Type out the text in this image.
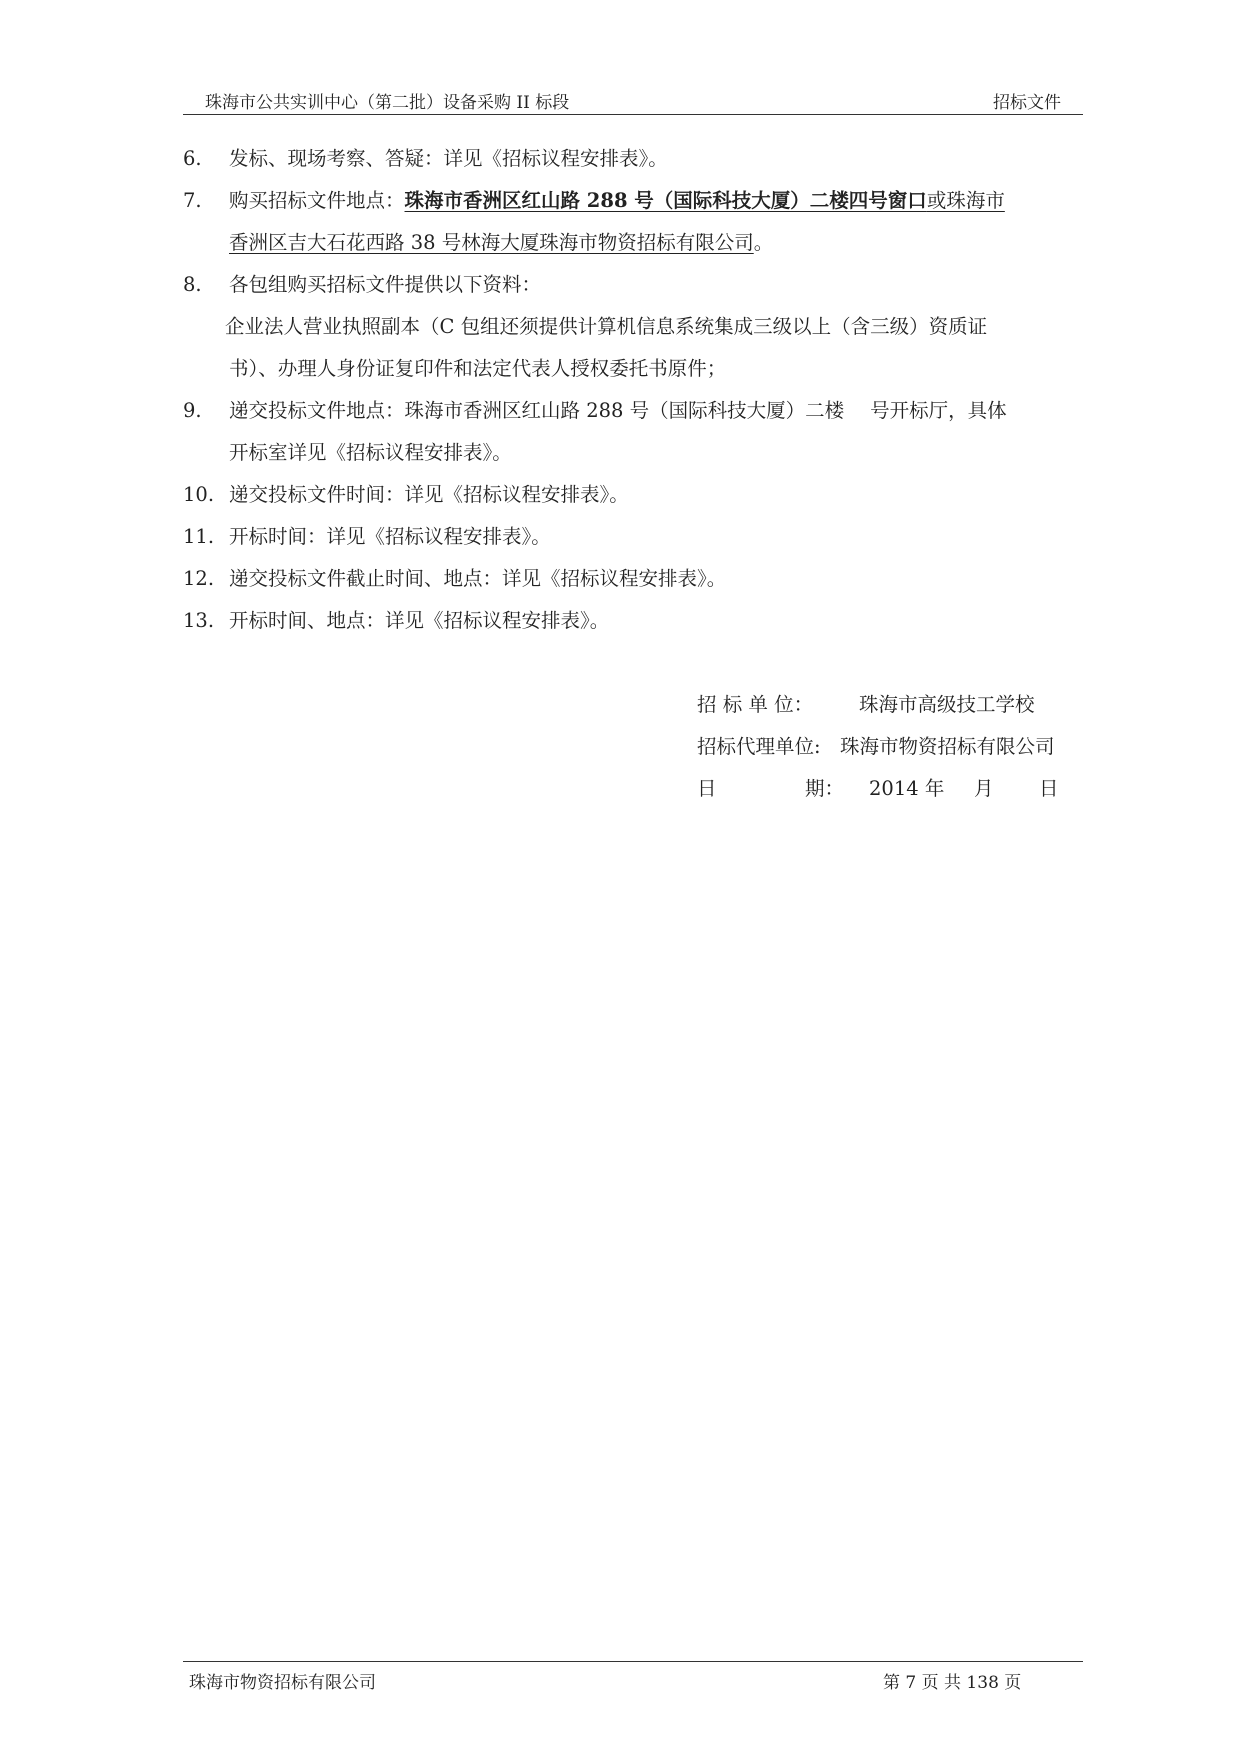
珠海市公共实训中心（第二批）设备采购 II 标段	招标文件
6. 发标、现场考察、答疑：详见《招标议程安排表》。
7. 购买招标文件地点：珠海市香洲区红山路 288 号（国际科技大厦）二楼四号窗口或珠海市
香洲区吉大石花西路 38 号林海大厦珠海市物资招标有限公司。
8. 各包组购买招标文件提供以下资料：
企业法人营业执照副本（C 包组还须提供计算机信息系统集成三级以上（含三级）资质证
书）、办理人身份证复印件和法定代表人授权委托书原件；
9. 递交投标文件地点：珠海市香洲区红山路 288 号（国际科技大厦）二楼 号开标厅，具体
开标室详见《招标议程安排表》。
10. 递交投标文件时间：详见《招标议程安排表》。
11. 开标时间：详见《招标议程安排表》。
12. 递交投标文件截止时间、地点：详见《招标议程安排表》。
13. 开标时间、地点：详见《招标议程安排表》。
招 标 单 位： 珠海市高级技工学校
招标代理单位: 珠海市物资招标有限公司
日	期： 2014 年 月 日
珠海市物资招标有限公司	第 7 页 共 138 页
